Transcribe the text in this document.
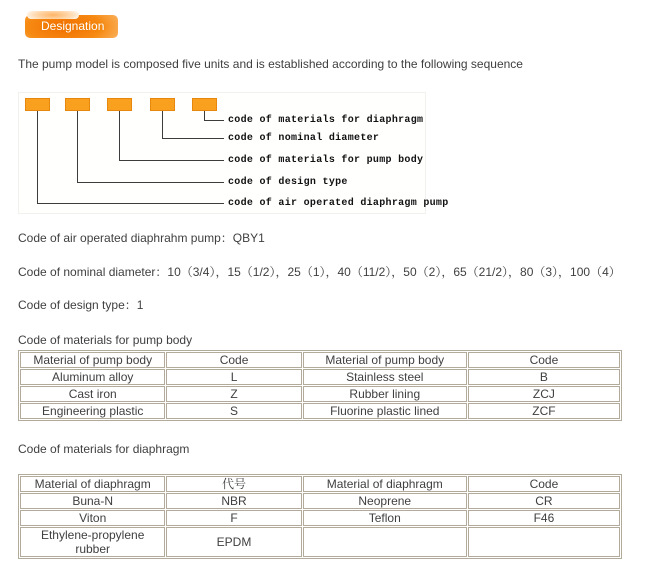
Designation

The pump model is composed five units and is established according to the following sequence

code of materials for diaphragm
code of nominal diameter
code of materials for pump body
code of design type
code of air operated diaphragm pump

Code of air operated diaphrahm pump：QBY1

Code of nominal diameter：10（3/4），15（1/2），25（1），40（11/2），50（2），65（21/2），80（3），100（4）

Code of design type：1

Code of materials for pump body

Material of pump body	Code	Material of pump body	Code
Aluminum alloy	L	Stainless steel	B
Cast iron	Z	Rubber lining	ZCJ
Engineering plastic	S	Fluorine plastic lined	ZCF

Code of materials for diaphragm

Material of diaphragm	代号	Material of diaphragm	Code
Buna-N	NBR	Neoprene	CR
Viton	F	Teflon	F46
Ethylene-propylene rubber	EPDM		
